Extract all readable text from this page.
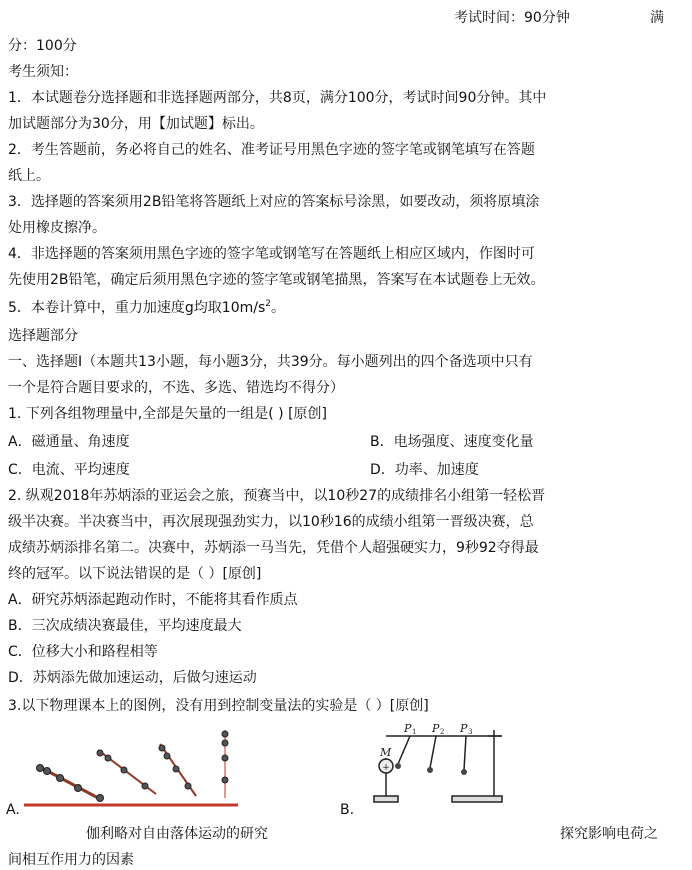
考试时间：90分钟	满
分：100分
考生须知：
1．本试题卷分选择题和非选择题两部分，共8页，满分100分，考试时间90分钟。其中
加试题部分为30分，用【加试题】标出。
2．考生答题前，务必将自己的姓名、准考证号用黑色字迹的签字笔或钢笔填写在答题
纸上。
3．选择题的答案须用2B铅笔将答题纸上对应的答案标号涂黑，如要改动，须将原填涂
处用橡皮擦净。
4．非选择题的答案须用黑色字迹的签字笔或钢笔写在答题纸上相应区域内，作图时可
先使用2B铅笔，确定后须用黑色字迹的签字笔或钢笔描黑，答案写在本试题卷上无效。
5．本卷计算中，重力加速度g均取$10m/s^2$。
选择题部分
一、选择题Ⅰ（本题共13小题，每小题3分，共39分。每小题列出的四个备选项中只有
一个是符合题目要求的，不选、多选、错选均不得分）
1. 下列各组物理量中,全部是矢量的一组是( ) [原创]
A．磁通量、角速度	B．电场强度、速度变化量
C．电流、平均速度	D．功率、加速度
2. 纵观2018年苏炳添的亚运会之旅，预赛当中，以10秒27的成绩排名小组第一轻松晋
级半决赛。半决赛当中，再次展现强劲实力，以10秒16的成绩小组第一晋级决赛，总
成绩苏炳添排名第二。决赛中，苏炳添一马当先，凭借个人超强硬实力，9秒92夺得最
终的冠军。以下说法错误的是（ ）[原创]
A．研究苏炳添起跑动作时，不能将其看作质点
B．三次成绩决赛最佳，平均速度最大
C．位移大小和路程相等
D．苏炳添先做加速运动，后做匀速运动
3.以下物理课本上的图例，没有用到控制变量法的实验是（ ）[原创]
A.
+
M
P 1 P 2 P 3
B.
伽利略对自由落体运动的研究	探究影响电荷之
间相互作用力的因素
